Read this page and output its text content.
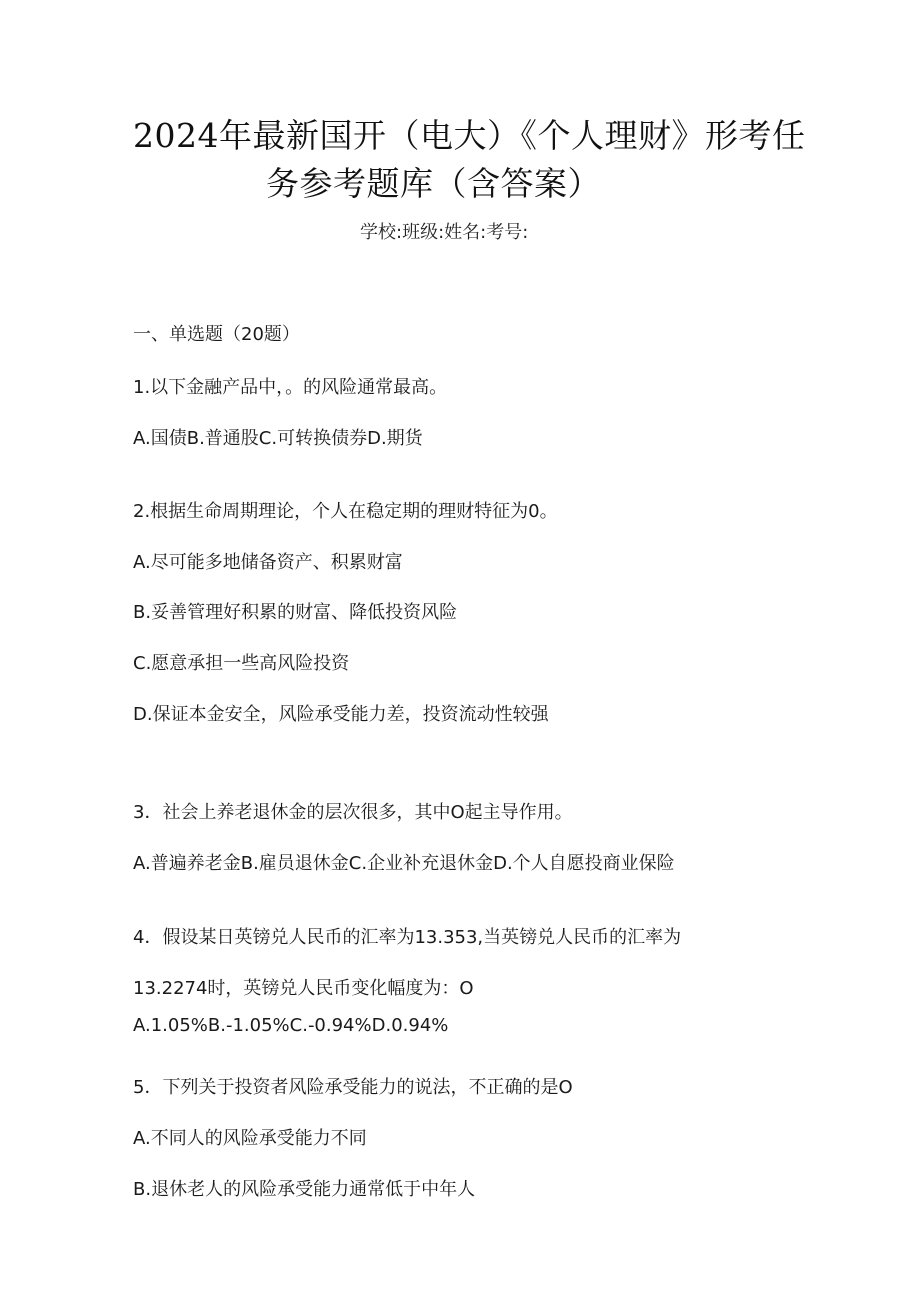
2024年最新国开（电大）《个人理财》形考任
务参考题库（含答案）
学校:班级:姓名:考号:
一、单选题（20题）
1.以下金融产品中，。的风险通常最高。
A.国债B.普通股C.可转换债券D.期货
2.根据生命周期理论，个人在稳定期的理财特征为0。
A.尽可能多地储备资产、积累财富
B.妥善管理好积累的财富、降低投资风险
C.愿意承担一些高风险投资
D.保证本金安全，风险承受能力差，投资流动性较强
3．社会上养老退休金的层次很多，其中O起主导作用。
A.普遍养老金B.雇员退休金C.企业补充退休金D.个人自愿投商业保险
4．假设某日英镑兑人民币的汇率为13.353,当英镑兑人民币的汇率为
13.2274时，英镑兑人民币变化幅度为：O
A.1.05%B.-1.05%C.-0.94%D.0.94%
5．下列关于投资者风险承受能力的说法，不正确的是O
A.不同人的风险承受能力不同
B.退休老人的风险承受能力通常低于中年人
